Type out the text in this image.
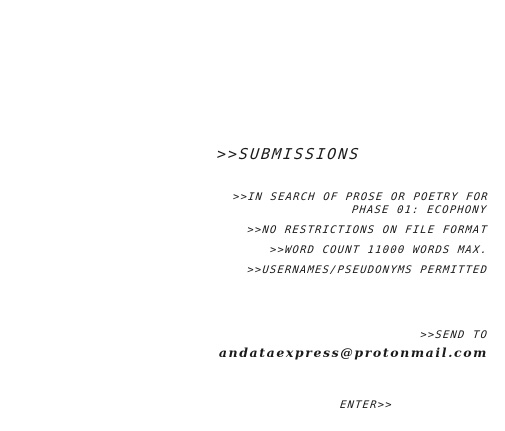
>>SUBMISSIONS
>>IN SEARCH OF PROSE OR POETRY FOR PHASE 01: ECOPHONY
>>NO RESTRICTIONS ON FILE FORMAT
>>WORD COUNT 11000 WORDS MAX.
>>USERNAMES/PSEUDONYMS PERMITTED
>>SEND TO
andataexpress@protonmail.com
ENTER>>
